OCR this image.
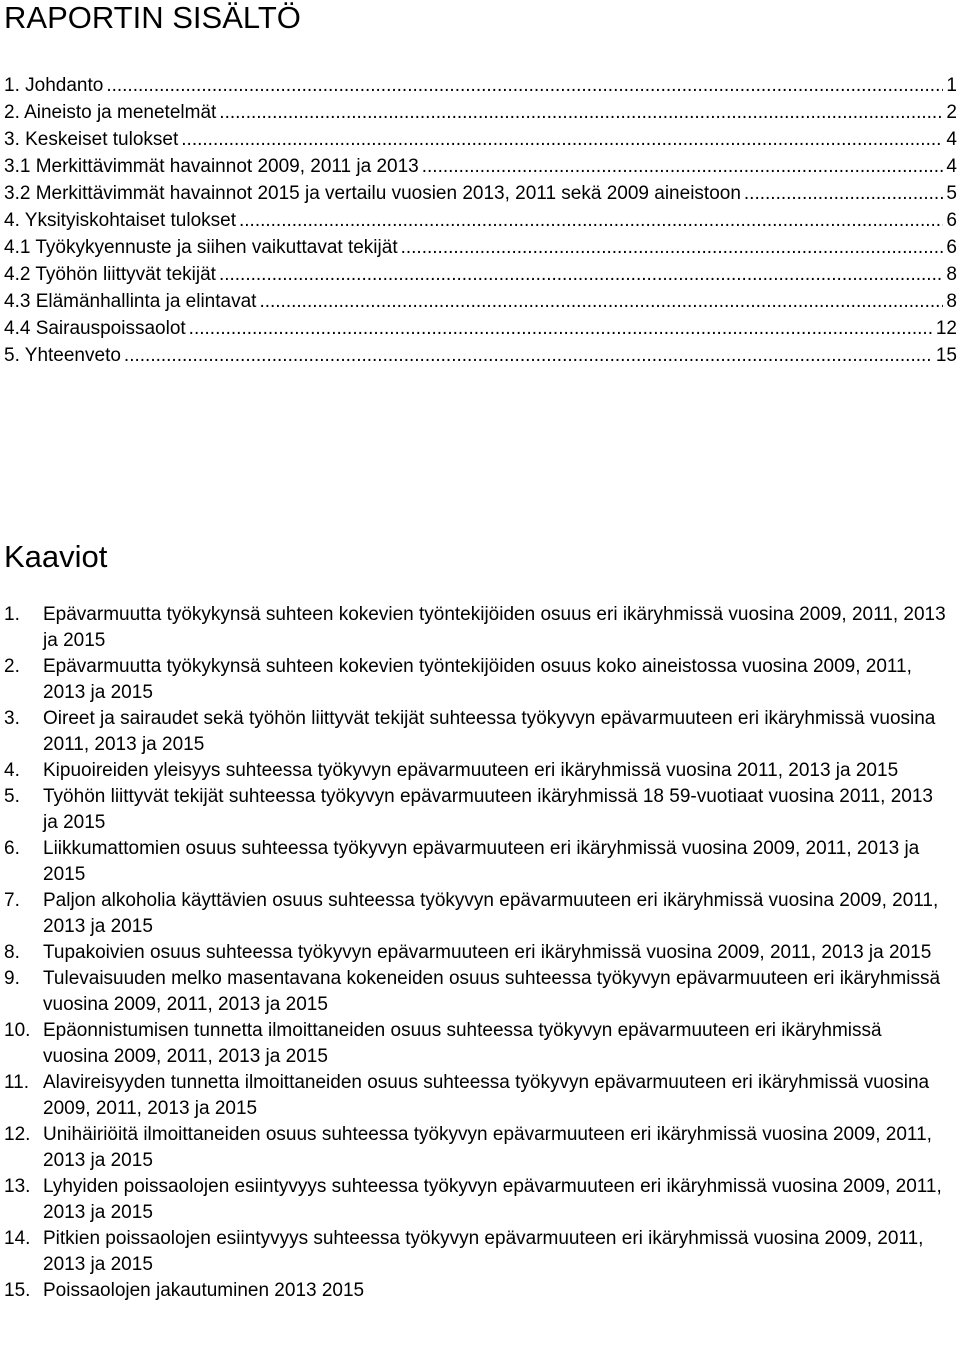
RAPORTIN SISÄLTÖ
1. Johdanto .....	1
2. Aineisto ja menetelmät .....	2
3. Keskeiset tulokset .....	4
3.1 Merkittävimmät havainnot 2009, 2011 ja 2013 .....	4
3.2 Merkittävimmät havainnot 2015 ja vertailu vuosien 2013, 2011 sekä 2009 aineistoon .....	5
4. Yksityiskohtaiset tulokset .....	6
4.1 Työkykyennuste ja siihen vaikuttavat tekijät .....	6
4.2 Työhön liittyvät tekijät .....	8
4.3 Elämänhallinta ja elintavat .....	8
4.4 Sairauspoissaolot .....	12
5. Yhteenveto .....	15
Kaaviot
1.	Epävarmuutta työkykynsä suhteen kokevien työntekijöiden osuus eri ikäryhmissä vuosina 2009, 2011, 2013 ja 2015
2.	Epävarmuutta työkykynsä suhteen kokevien työntekijöiden osuus koko aineistossa vuosina 2009, 2011, 2013 ja 2015
3.	Oireet ja sairaudet sekä työhön liittyvät tekijät suhteessa työkyvyn epävarmuuteen eri ikäryhmissä vuosina 2011, 2013 ja 2015
4.	Kipuoireiden yleisyys suhteessa työkyvyn epävarmuuteen eri ikäryhmissä vuosina 2011, 2013 ja 2015
5.	Työhön liittyvät tekijät suhteessa työkyvyn epävarmuuteen ikäryhmissä 18 59-vuotiaat vuosina 2011, 2013 ja 2015
6.	Liikkumattomien osuus suhteessa työkyvyn epävarmuuteen eri ikäryhmissä vuosina 2009, 2011, 2013 ja 2015
7.	Paljon alkoholia käyttävien osuus suhteessa työkyvyn epävarmuuteen eri ikäryhmissä vuosina 2009, 2011, 2013 ja 2015
8.	Tupakoivien osuus suhteessa työkyvyn epävarmuuteen eri ikäryhmissä vuosina 2009, 2011, 2013 ja 2015
9.	Tulevaisuuden melko masentavana kokeneiden osuus suhteessa työkyvyn epävarmuuteen eri ikäryhmissä vuosina 2009, 2011, 2013 ja 2015
10. Epäonnistumisen tunnetta ilmoittaneiden osuus suhteessa työkyvyn epävarmuuteen eri ikäryhmissä vuosina 2009, 2011, 2013 ja 2015
11. Alavireisyyden tunnetta ilmoittaneiden osuus suhteessa työkyvyn epävarmuuteen eri ikäryhmissä vuosina 2009, 2011, 2013 ja 2015
12. Unihäiriöitä ilmoittaneiden osuus suhteessa työkyvyn epävarmuuteen eri ikäryhmissä vuosina 2009, 2011, 2013 ja 2015
13. Lyhyiden poissaolojen esiintyvyys suhteessa työkyvyn epävarmuuteen eri ikäryhmissä vuosina 2009, 2011, 2013 ja 2015
14. Pitkien poissaolojen esiintyvyys suhteessa työkyvyn epävarmuuteen eri ikäryhmissä vuosina 2009, 2011, 2013 ja 2015
15. Poissaolojen jakautuminen 2013 2015
